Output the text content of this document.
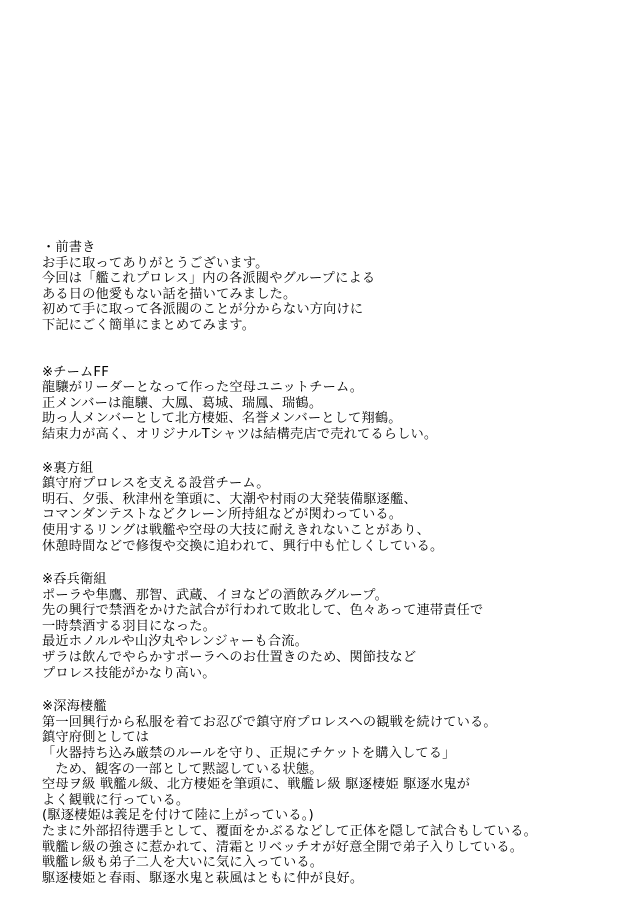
・前書き
お手に取ってありがとうございます。
今回は「艦これプロレス」内の各派閥やグループによる
ある日の他愛もない話を描いてみました。
初めて手に取って各派閥のことが分からない方向けに
下記にごく簡単にまとめてみます。
※チームFF
龍驤がリーダーとなって作った空母ユニットチーム。
正メンバーは龍驤、大鳳、葛城、瑞鳳、瑞鶴。
助っ人メンバーとして北方棲姫、名誉メンバーとして翔鶴。
結束力が高く、オリジナルTシャツは結構売店で売れてるらしい。
※裏方組
鎮守府プロレスを支える設営チーム。
明石、夕張、秋津州を筆頭に、大潮や村雨の大発装備駆逐艦、
コマンダンテストなどクレーン所持組などが関わっている。
使用するリングは戦艦や空母の大技に耐えきれないことがあり、
休憩時間などで修復や交換に追われて、興行中も忙しくしている。
※呑兵衛組
ポーラや隼鷹、那智、武蔵、イヨなどの酒飲みグループ。
先の興行で禁酒をかけた試合が行われて敗北して、色々あって連帯責任で
一時禁酒する羽目になった。
最近ホノルルや山汐丸やレンジャーも合流。
ザラは飲んでやらかすポーラへのお仕置きのため、関節技など
プロレス技能がかなり高い。
※深海棲艦
第一回興行から私服を着てお忍びで鎮守府プロレスへの観戦を続けている。
鎮守府側としては
「火器持ち込み厳禁のルールを守り、正規にチケットを購入してる」
　ため、観客の一部として黙認している状態。
空母ヲ級 戦艦ル級、北方棲姫を筆頭に、戦艦レ級 駆逐棲姫 駆逐水鬼が
よく観戦に行っている。
(駆逐棲姫は義足を付けて陸に上がっている。)
たまに外部招待選手として、覆面をかぶるなどして正体を隠して試合もしている。
戦艦レ級の強さに惹かれて、清霜とリベッチオが好意全開で弟子入りしている。
戦艦レ級も弟子二人を大いに気に入っている。
駆逐棲姫と春雨、駆逐水鬼と萩風はともに仲が良好。
